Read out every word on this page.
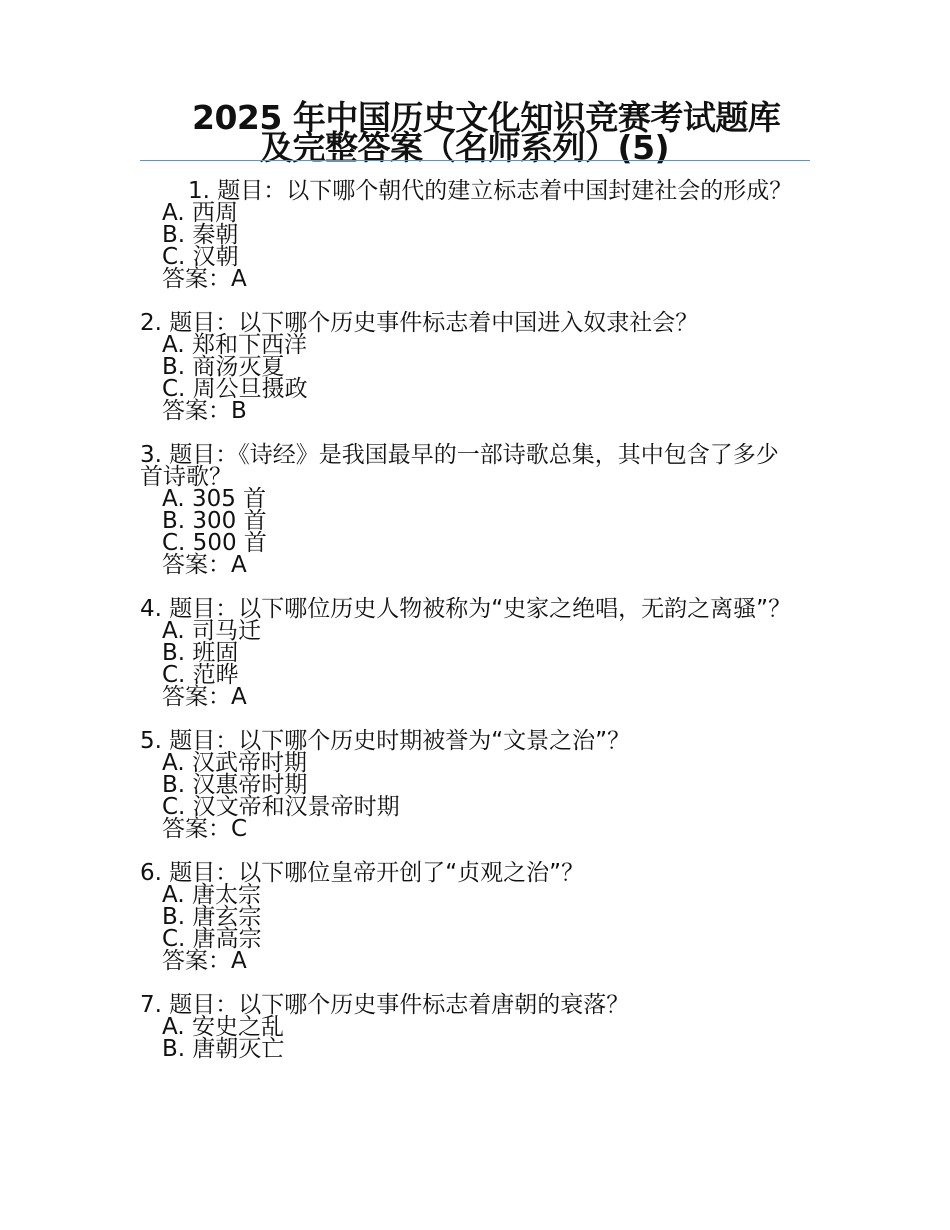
2025 年中国历史文化知识竞赛考试题库
及完整答案（名师系列）(5)
1. 题目：以下哪个朝代的建立标志着中国封建社会的形成？
A. 西周
B. 秦朝
C. 汉朝
答案：A
2. 题目：以下哪个历史事件标志着中国进入奴隶社会？
A. 郑和下西洋
B. 商汤灭夏
C. 周公旦摄政
答案：B
3. 题目：《诗经》是我国最早的一部诗歌总集，其中包含了多少首诗歌？
A. 305 首
B. 300 首
C. 500 首
答案：A
4. 题目：以下哪位历史人物被称为“史家之绝唱，无韵之离骚”？
A. 司马迁
B. 班固
C. 范晔
答案：A
5. 题目：以下哪个历史时期被誉为“文景之治”？
A. 汉武帝时期
B. 汉惠帝时期
C. 汉文帝和汉景帝时期
答案：C
6. 题目：以下哪位皇帝开创了“贞观之治”？
A. 唐太宗
B. 唐玄宗
C. 唐高宗
答案：A
7. 题目：以下哪个历史事件标志着唐朝的衰落？
A. 安史之乱
B. 唐朝灭亡
